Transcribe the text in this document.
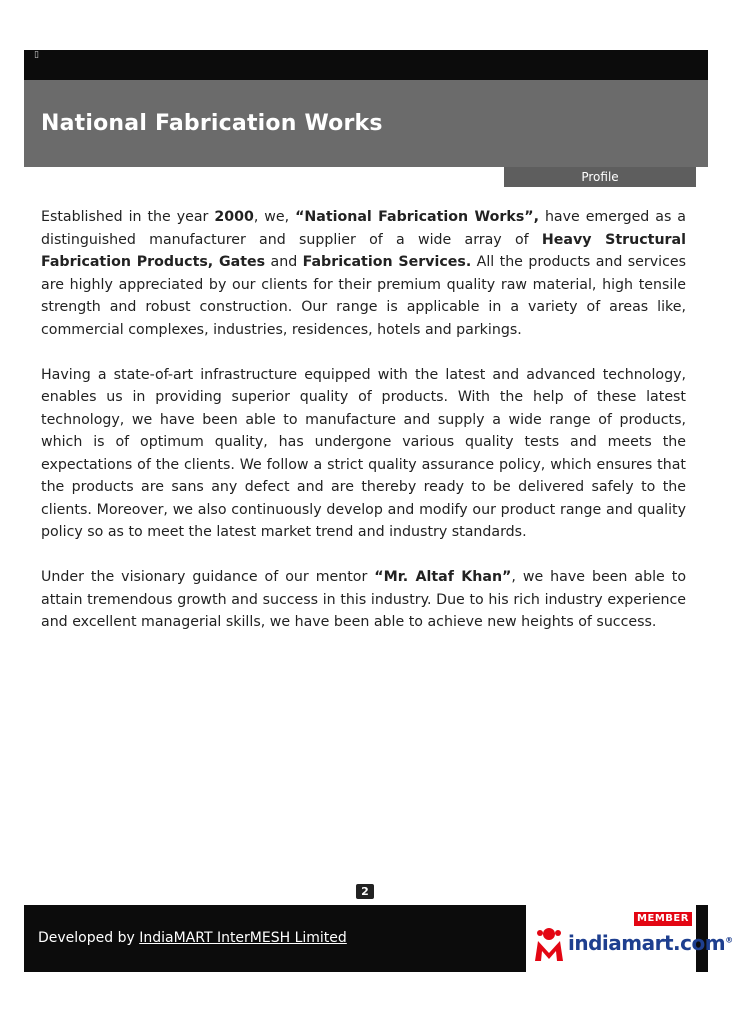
▯
National Fabrication Works
Profile

Established in the year 2000, we, “National Fabrication Works”, have emerged as a distinguished manufacturer and supplier of a wide array of Heavy Structural Fabrication Products, Gates and Fabrication Services. All the products and services are highly appreciated by our clients for their premium quality raw material, high tensile strength and robust construction. Our range is applicable in a variety of areas like, commercial complexes, industries, residences, hotels and parkings.

Having a state-of-art infrastructure equipped with the latest and advanced technology, enables us in providing superior quality of products. With the help of these latest technology, we have been able to manufacture and supply a wide range of products, which is of optimum quality, has undergone various quality tests and meets the expectations of the clients. We follow a strict quality assurance policy, which ensures that the products are sans any defect and are thereby ready to be delivered safely to the clients. Moreover, we also continuously develop and modify our product range and quality policy so as to meet the latest market trend and industry standards.

Under the visionary guidance of our mentor “Mr. Altaf Khan”, we have been able to attain tremendous growth and success in this industry. Due to his rich industry experience and excellent managerial skills, we have been able to achieve new heights of success.

2
Developed by IndiaMART InterMESH Limited
MEMBER
indiamart.com®
